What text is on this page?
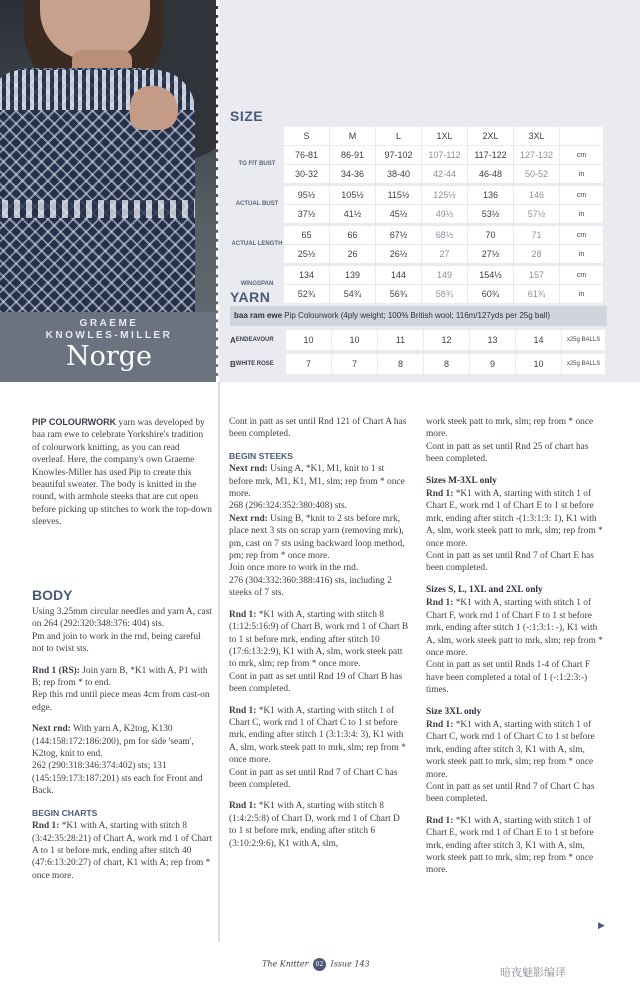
GRAEME
KNOWLES-MILLER
Norge
SIZE
S	M	L	1XL	2XL	3XL
TO FIT BUST
76-81	86-91	97-102	107-112	117-122	127-132	cm
30-32	34-36	38-40	42-44	46-48	50-52	in
ACTUAL BUST
95½	105½	115½	125½	136	146	cm
37½	41½	45½	49½	53½	57½	in
ACTUAL LENGTH
65	66	67½	68½	70	71	cm
25½	26	26½	27	27½	28	in
WINGSPAN
134	139	144	149	154½	157	cm
52¾	54¾	56¾	58¾	60¾	61¾	in
YARN
baa ram ewe Pip Colourwork (4ply weight; 100% British wool; 116m/127yds per 25g ball)
A ENDEAVOUR	10	10	11	12	13	14	x25g BALLS
B WHITE ROSE	7	7	8	8	9	10	x25g BALLS

PIP COLOURWORK yarn was developed by baa ram ewe to celebrate Yorkshire's tradition of colourwork knitting, as you can read overleaf. Here, the company's own Graeme Knowles-Miller has used Pip to create this beautiful sweater. The body is knitted in the round, with armhole steeks that are cut open before picking up stitches to work the top-down sleeves.

BODY

Using 3.25mm circular needles and yarn A, cast on 264 (292:320:348:376: 404) sts.
Pm and join to work in the rnd, being careful not to twist sts.

Rnd 1 (RS): Join yarn B, *K1 with A, P1 with B; rep from * to end.
Rep this rnd until piece meas 4cm from cast-on edge.

Next rnd: With yarn A, K2tog, K130 (144:158:172:186:200), pm for side 'seam', K2tog, knit to end.
262 (290:318:346:374:402) sts; 131 (145:159:173:187:201) sts each for Front and Back.

BEGIN CHARTS

Rnd 1: *K1 with A, starting with stitch 8 (3:42:35:28:21) of Chart A, work rnd 1 of Chart A to 1 st before mrk, ending after stitch 40 (47:6:13:20:27) of chart, K1 with A; rep from * once more.

Cont in patt as set until Rnd 121 of Chart A has been completed.

BEGIN STEEKS

Next rnd: Using A, *K1, M1, knit to 1 st before mrk, M1, K1, M1, slm; rep from * once more.
268 (296:324:352:380:408) sts.
Next rnd: Using B, *knit to 2 sts before mrk, place next 3 sts on scrap yarn (removing mrk), pm, cast on 7 sts using backward loop method, pm; rep from * once more.
Join once more to work in the rnd.
276 (304:332:360:388:416) sts, including 2 steeks of 7 sts.

Rnd 1: *K1 with A, starting with stitch 8 (1:12:5:16:9) of Chart B, work rnd 1 of Chart B to 1 st before mrk, ending after stitch 10 (17:6:13:2:9), K1 with A, slm, work steek patt to mrk, slm; rep from * once more.
Cont in patt as set until Rnd 19 of Chart B has been completed.

Rnd 1: *K1 with A, starting with stitch 1 of Chart C, work rnd 1 of Chart C to 1 st before mrk, ending after stitch 1 (3:1:3:4: 3), K1 with A, slm, work steek patt to mrk, slm; rep from * once more.
Cont in patt as set until Rnd 7 of Chart C has been completed.

Rnd 1: *K1 with A, starting with stitch 8 (1:4:2:5:8) of Chart D, work rnd 1 of Chart D to 1 st before mrk, ending after stitch 6 (3:10:2:9:6), K1 with A, slm,

work steek patt to mrk, slm; rep from * once more.
Cont in patt as set until Rnd 25 of chart has been completed.

Sizes M-3XL only

Rnd 1: *K1 with A, starting with stitch 1 of Chart E, work rnd 1 of Chart E to 1 st before mrk, ending after stitch -(1:3:1:3: 1), K1 with A, slm, work steek patt to mrk, slm; rep from * once more.
Cont in patt as set until Rnd 7 of Chart E has been completed.

Sizes S, L, 1XL and 2XL only

Rnd 1: *K1 with A, starting with stitch 1 of Chart F, work rnd 1 of Chart F to 1 st before mrk, ending after stitch 1 (-:1:3:1: -), K1 with A, slm, work steek patt to mrk, slm; rep from * once more.
Cont in patt as set until Rnds 1-4 of Chart F have been completed a total of 1 (-:1:2:3:-) times.

Size 3XL only

Rnd 1: *K1 with A, starting with stitch 1 of Chart C, work rnd 1 of Chart C to 1 st before mrk, ending after stitch 3, K1 with A, slm, work steek patt to mrk, slm; rep from * once more.
Cont in patt as set until Rnd 7 of Chart C has been completed.

Rnd 1: *K1 with A, starting with stitch 1 of Chart E, work rnd 1 of Chart E to 1 st before mrk, ending after stitch 3, K1 with A, slm, work steek patt to mrk, slm; rep from * once more.

▶
The Knitter 02 Issue 143
暗夜魅影编译
